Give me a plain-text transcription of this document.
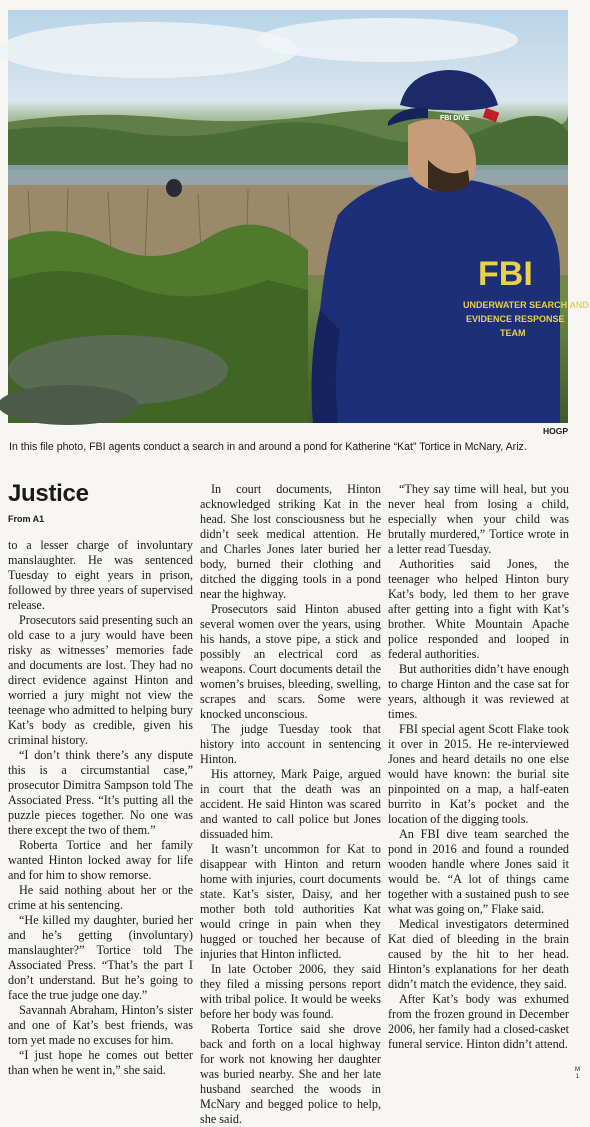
FBI DIVE
FBI
UNDERWATER SEARCH AND
EVIDENCE RESPONSE
TEAM
HOGP
In this file photo, FBI agents conduct a search in and around a pond for Katherine “Kat” Tortice in McNary, Ariz.
Justice
From A1

to a lesser charge of involuntary manslaughter. He was sentenced Tuesday to eight years in prison, followed by three years of supervised release.

Prosecutors said presenting such an old case to a jury would have been risky as witnesses’ memories fade and documents are lost. They had no direct evidence against Hinton and worried a jury might not view the teenage who admitted to helping bury Kat’s body as credible, given his criminal history.

“I don’t think there’s any dispute this is a circumstantial case,” prosecutor Dimitra Sampson told The Associated Press. “It’s putting all the puzzle pieces together. No one was there except the two of them.”

Roberta Tortice and her family wanted Hinton locked away for life and for him to show remorse.

He said nothing about her or the crime at his sentencing.

“He killed my daughter, buried her and he’s getting (involuntary) manslaughter?” Tortice told The Associated Press. “That’s the part I don’t understand. But he’s going to face the true judge one day.”

Savannah Abraham, Hinton’s sister and one of Kat’s best friends, was torn yet made no excuses for him.

“I just hope he comes out better than when he went in,” she said.

In court documents, Hinton acknowledged striking Kat in the head. She lost consciousness but he didn’t seek medical attention. He and Charles Jones later buried her body, burned their clothing and ditched the digging tools in a pond near the highway.

Prosecutors said Hinton abused several women over the years, using his hands, a stove pipe, a stick and possibly an electrical cord as weapons. Court documents detail the women’s bruises, bleeding, swelling, scrapes and scars. Some were knocked unconscious.

The judge Tuesday took that history into account in sentencing Hinton.

His attorney, Mark Paige, argued in court that the death was an accident. He said Hinton was scared and wanted to call police but Jones dissuaded him.

It wasn’t uncommon for Kat to disappear with Hinton and return home with injuries, court documents state. Kat’s sister, Daisy, and her mother both told authorities Kat would cringe in pain when they hugged or touched her because of injuries that Hinton inflicted.

In late October 2006, they said they filed a missing persons report with tribal police. It would be weeks before her body was found.

Roberta Tortice said she drove back and forth on a local highway for work not knowing her daughter was buried nearby. She and her late husband searched the woods in McNary and begged police to help, she said.

“They say time will heal, but you never heal from losing a child, especially when your child was brutally murdered,” Tortice wrote in a letter read Tuesday.

Authorities said Jones, the teenager who helped Hinton bury Kat’s body, led them to her grave after getting into a fight with Kat’s brother. White Mountain Apache police responded and looped in federal authorities.

But authorities didn’t have enough to charge Hinton and the case sat for years, although it was reviewed at times.

FBI special agent Scott Flake took it over in 2015. He re-interviewed Jones and heard details no one else would have known: the burial site pinpointed on a map, a half-eaten burrito in Kat’s pocket and the location of the digging tools.

An FBI dive team searched the pond in 2016 and found a rounded wooden handle where Jones said it would be. “A lot of things came together with a sustained push to see what was going on,” Flake said.

Medical investigators determined Kat died of bleeding in the brain caused by the hit to her head. Hinton’s explanations for her death didn’t match the evidence, they said.

After Kat’s body was exhumed from the frozen ground in December 2006, her family had a closed-casket funeral service. Hinton didn’t attend.

M
1
